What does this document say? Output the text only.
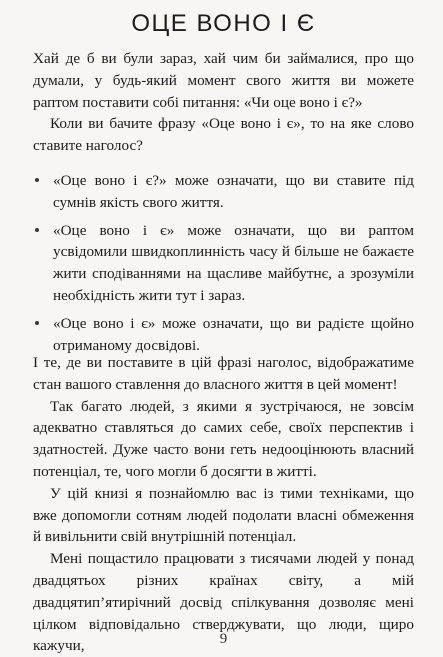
ОЦЕ ВОНО І Є

Хай де б ви були зараз, хай чим би займалися, про що думали, у будь-який момент свого життя ви можете раптом поставити собі питання: «Чи оце воно і є?»

Коли ви бачите фразу «Оце воно і є», то на яке слово ставите наголос?

«Оце воно і є?» може означати, що ви ставите під сумнів якість свого життя.
«Оце воно і є» може означати, що ви раптом усвідомили швидкоплинність часу й більше не бажаєте жити сподіваннями на щасливе майбутнє, а зрозуміли необхідність жити тут і зараз.
«Оце воно і є» може означати, що ви радієте щойно отриманому досвідові.

І те, де ви поставите в цій фразі наголос, відображатиме стан вашого ставлення до власного життя в цей момент!

Так багато людей, з якими я зустрічаюся, не зовсім адекватно ставляться до самих себе, своїх перспектив і здатностей. Дуже часто вони геть недооцінюють власний потенціал, те, чого могли б досягти в житті.

У цій книзі я познайомлю вас із тими техніками, що вже допомогли сотням людей подолати власні обмеження й вивільнити свій внутрішній потенціал.

Мені пощастило працювати з тисячами людей у понад двадцятьох різних країнах світу, а мій двадцятип’ятирічний досвід спілкування дозволяє мені цілком відповідально стверджувати, що люди, щиро кажучи,	9
